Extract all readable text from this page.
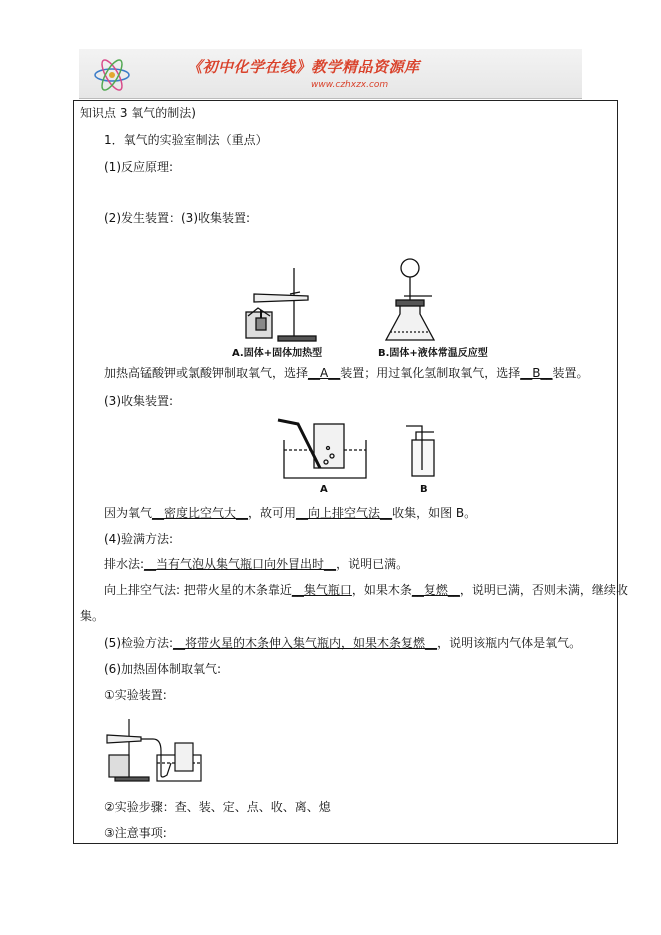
《初中化学在线》教学精品资源库
www.czhxzx.com
知识点 3 氧气的制法)
1．氧气的实验室制法（重点）
(1)反应原理:
(2)发生装置：(3)收集装置:
A.固体+固体加热型	B.固体+液体常温反应型
加热高锰酸钾或氯酸钾制取氧气，选择__A__装置；用过氧化氢制取氧气，选择__B__装置。
(3)收集装置:
A	B
因为氧气__密度比空气大__，故可用__向上排空气法__收集，如图 B。
(4)验满方法:
排水法:__当有气泡从集气瓶口向外冒出时__，说明已满。
向上排空气法: 把带火星的木条靠近__集气瓶口，如果木条__复燃__，说明已满，否则未满，继续收
集。
(5)检验方法:__将带火星的木条伸入集气瓶内，如果木条复燃__，说明该瓶内气体是氧气。
(6)加热固体制取氧气:
①实验装置:
②实验步骤：查、装、定、点、收、离、熄
③注意事项:
